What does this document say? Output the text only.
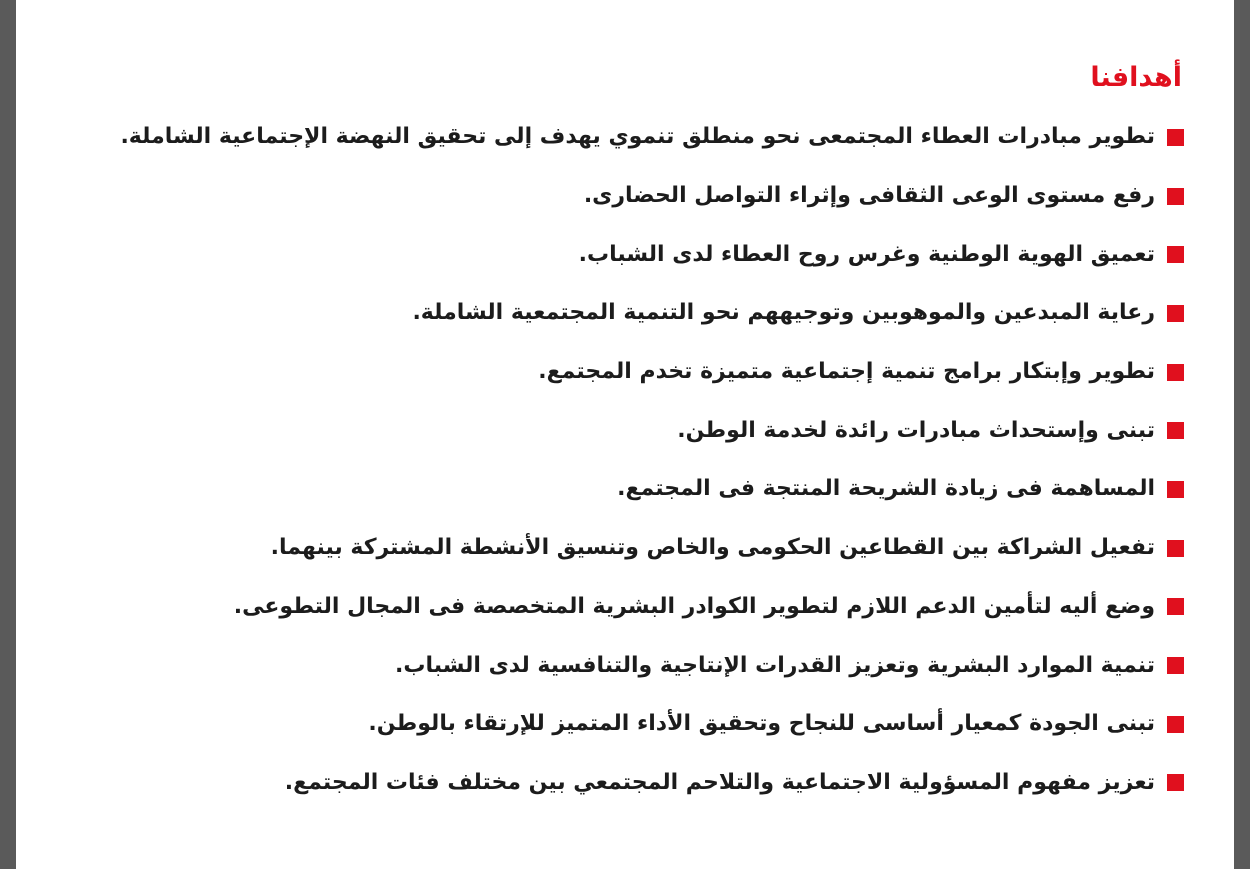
أهدافنا
تطوير مبادرات العطاء المجتمعى نحو منطلق تنموي يهدف إلى تحقيق النهضة الإجتماعية الشاملة.
رفع مستوى الوعى الثقافى وإثراء التواصل الحضارى.
تعميق الهوية الوطنية وغرس روح العطاء لدى الشباب.
رعاية المبدعين والموهوبين وتوجيههم نحو التنمية المجتمعية الشاملة.
تطوير وإبتكار برامج تنمية إجتماعية متميزة تخدم المجتمع.
تبنى وإستحداث مبادرات رائدة لخدمة الوطن.
المساهمة فى زيادة الشريحة المنتجة فى المجتمع.
تفعيل الشراكة بين القطاعين الحكومى والخاص وتنسيق الأنشطة المشتركة بينهما.
وضع أليه لتأمين الدعم اللازم لتطوير الكوادر البشرية المتخصصة فى المجال التطوعى.
تنمية الموارد البشرية وتعزيز القدرات الإنتاجية والتنافسية لدى الشباب.
تبنى الجودة كمعيار أساسى للنجاح وتحقيق الأداء المتميز للإرتقاء بالوطن.
تعزيز مفهوم المسؤولية الاجتماعية والتلاحم المجتمعي بين مختلف فئات المجتمع.
